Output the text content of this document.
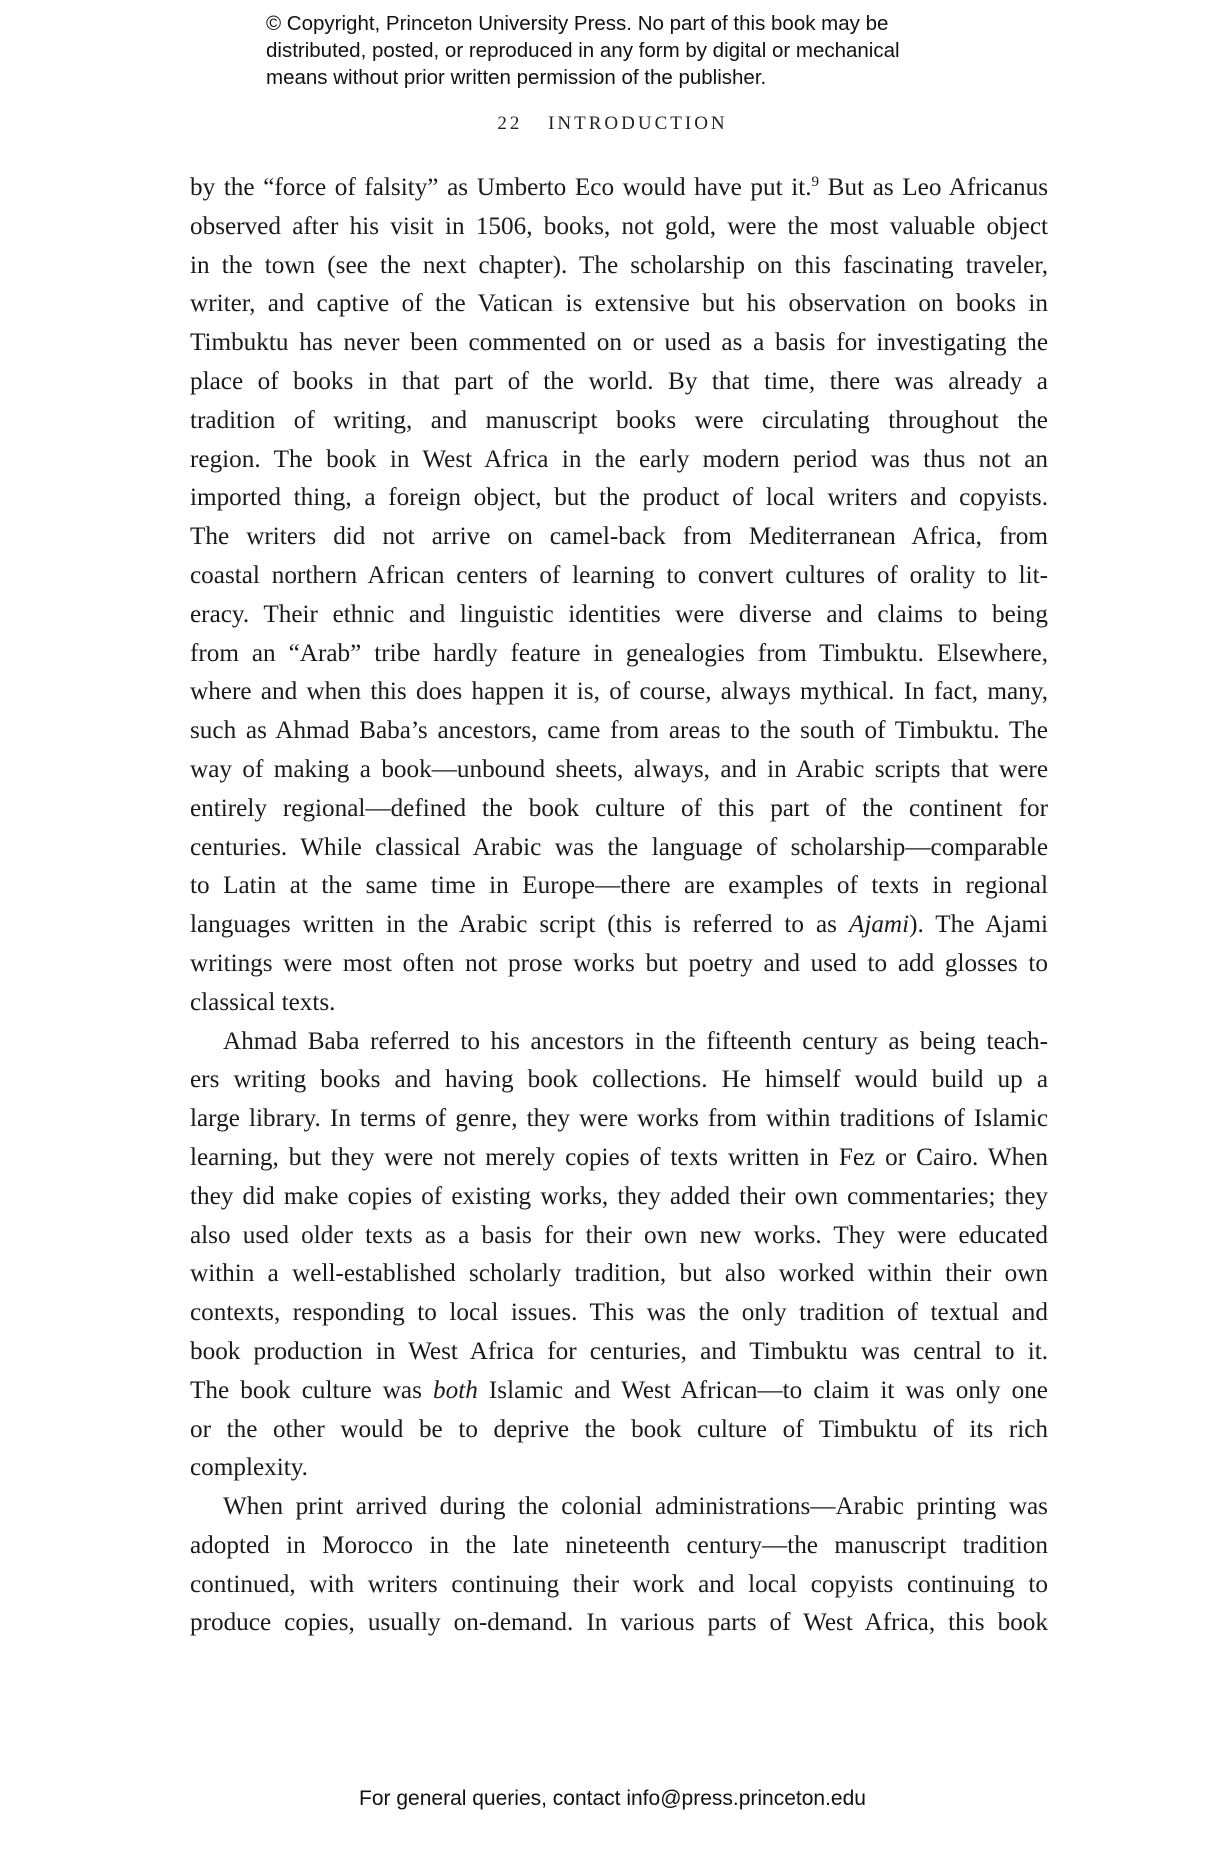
© Copyright, Princeton University Press. No part of this book may be
distributed, posted, or reproduced in any form by digital or mechanical
means without prior written permission of the publisher.
22 INTRODUCTION
by the “force of falsity” as Umberto Eco would have put it.$^9$ But as Leo Africanus
observed after his visit in 1506, books, not gold, were the most valuable object
in the town (see the next chapter). The scholarship on this fascinating traveler,
writer, and captive of the Vatican is extensive but his observation on books in
Timbuktu has never been commented on or used as a basis for investigating the
place of books in that part of the world. By that time, there was already a
tradition of writing, and manuscript books were circulating throughout the
region. The book in West Africa in the early modern period was thus not an
imported thing, a foreign object, but the product of local writers and copyists.
The writers did not arrive on camel-back from Mediterranean Africa, from
coastal northern African centers of learning to convert cultures of orality to lit-
eracy. Their ethnic and linguistic identities were diverse and claims to being
from an “Arab” tribe hardly feature in genealogies from Timbuktu. Elsewhere,
where and when this does happen it is, of course, always mythical. In fact, many,
such as Ahmad Baba’s ancestors, came from areas to the south of Timbuktu. The
way of making a book—unbound sheets, always, and in Arabic scripts that were
entirely regional—defined the book culture of this part of the continent for
centuries. While classical Arabic was the language of scholarship—comparable
to Latin at the same time in Europe—there are examples of texts in regional
languages written in the Arabic script (this is referred to as Ajami). The Ajami
writings were most often not prose works but poetry and used to add glosses to
classical texts.
Ahmad Baba referred to his ancestors in the fifteenth century as being teach-
ers writing books and having book collections. He himself would build up a
large library. In terms of genre, they were works from within traditions of Islamic
learning, but they were not merely copies of texts written in Fez or Cairo. When
they did make copies of existing works, they added their own commentaries; they
also used older texts as a basis for their own new works. They were educated
within a well-established scholarly tradition, but also worked within their own
contexts, responding to local issues. This was the only tradition of textual and
book production in West Africa for centuries, and Timbuktu was central to it.
The book culture was both Islamic and West African—to claim it was only one
or the other would be to deprive the book culture of Timbuktu of its rich
complexity.
When print arrived during the colonial administrations—Arabic printing was
adopted in Morocco in the late nineteenth century—the manuscript tradition
continued, with writers continuing their work and local copyists continuing to
produce copies, usually on-demand. In various parts of West Africa, this book
For general queries, contact info@press.princeton.edu
